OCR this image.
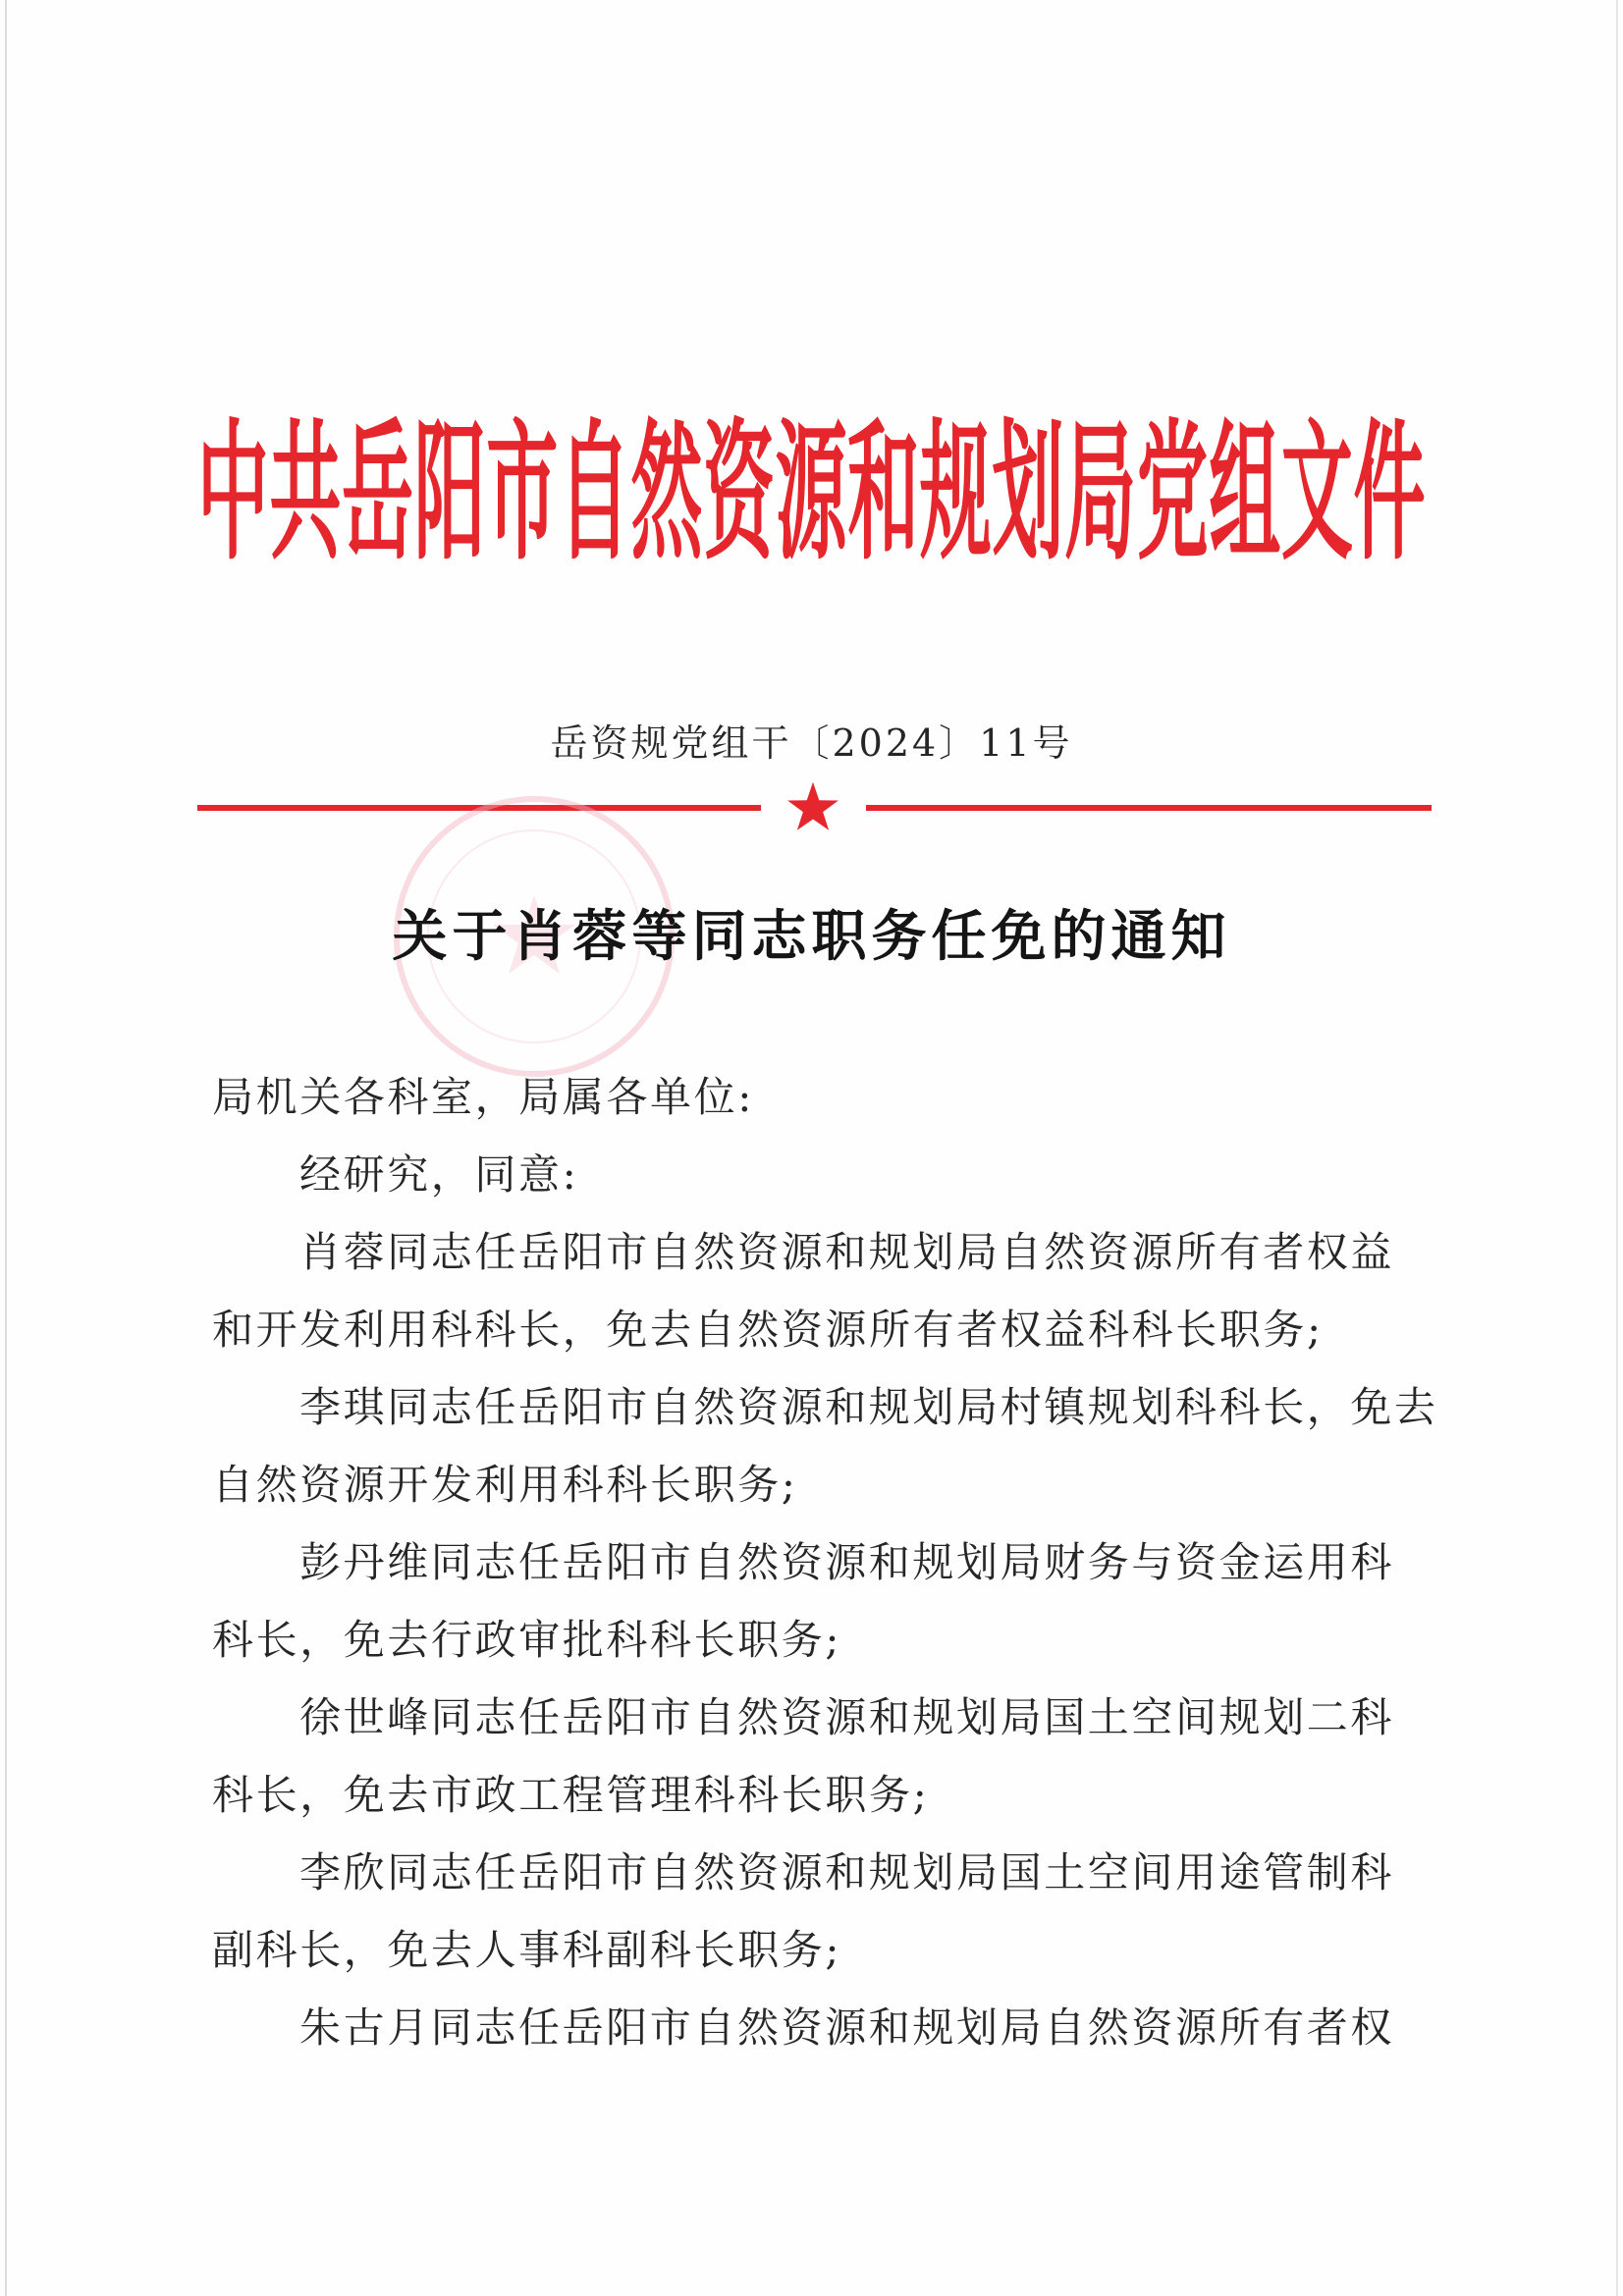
中共岳阳市自然资源和规划局党组文件
岳资规党组干〔2024〕11号
关于肖蓉等同志职务任免的通知
局机关各科室，局属各单位:
经研究，同意:
肖蓉同志任岳阳市自然资源和规划局自然资源所有者权益
和开发利用科科长，免去自然资源所有者权益科科长职务;
李琪同志任岳阳市自然资源和规划局村镇规划科科长，免去
自然资源开发利用科科长职务;
彭丹维同志任岳阳市自然资源和规划局财务与资金运用科
科长，免去行政审批科科长职务;
徐世峰同志任岳阳市自然资源和规划局国土空间规划二科
科长，免去市政工程管理科科长职务;
李欣同志任岳阳市自然资源和规划局国土空间用途管制科
副科长，免去人事科副科长职务;
朱古月同志任岳阳市自然资源和规划局自然资源所有者权
